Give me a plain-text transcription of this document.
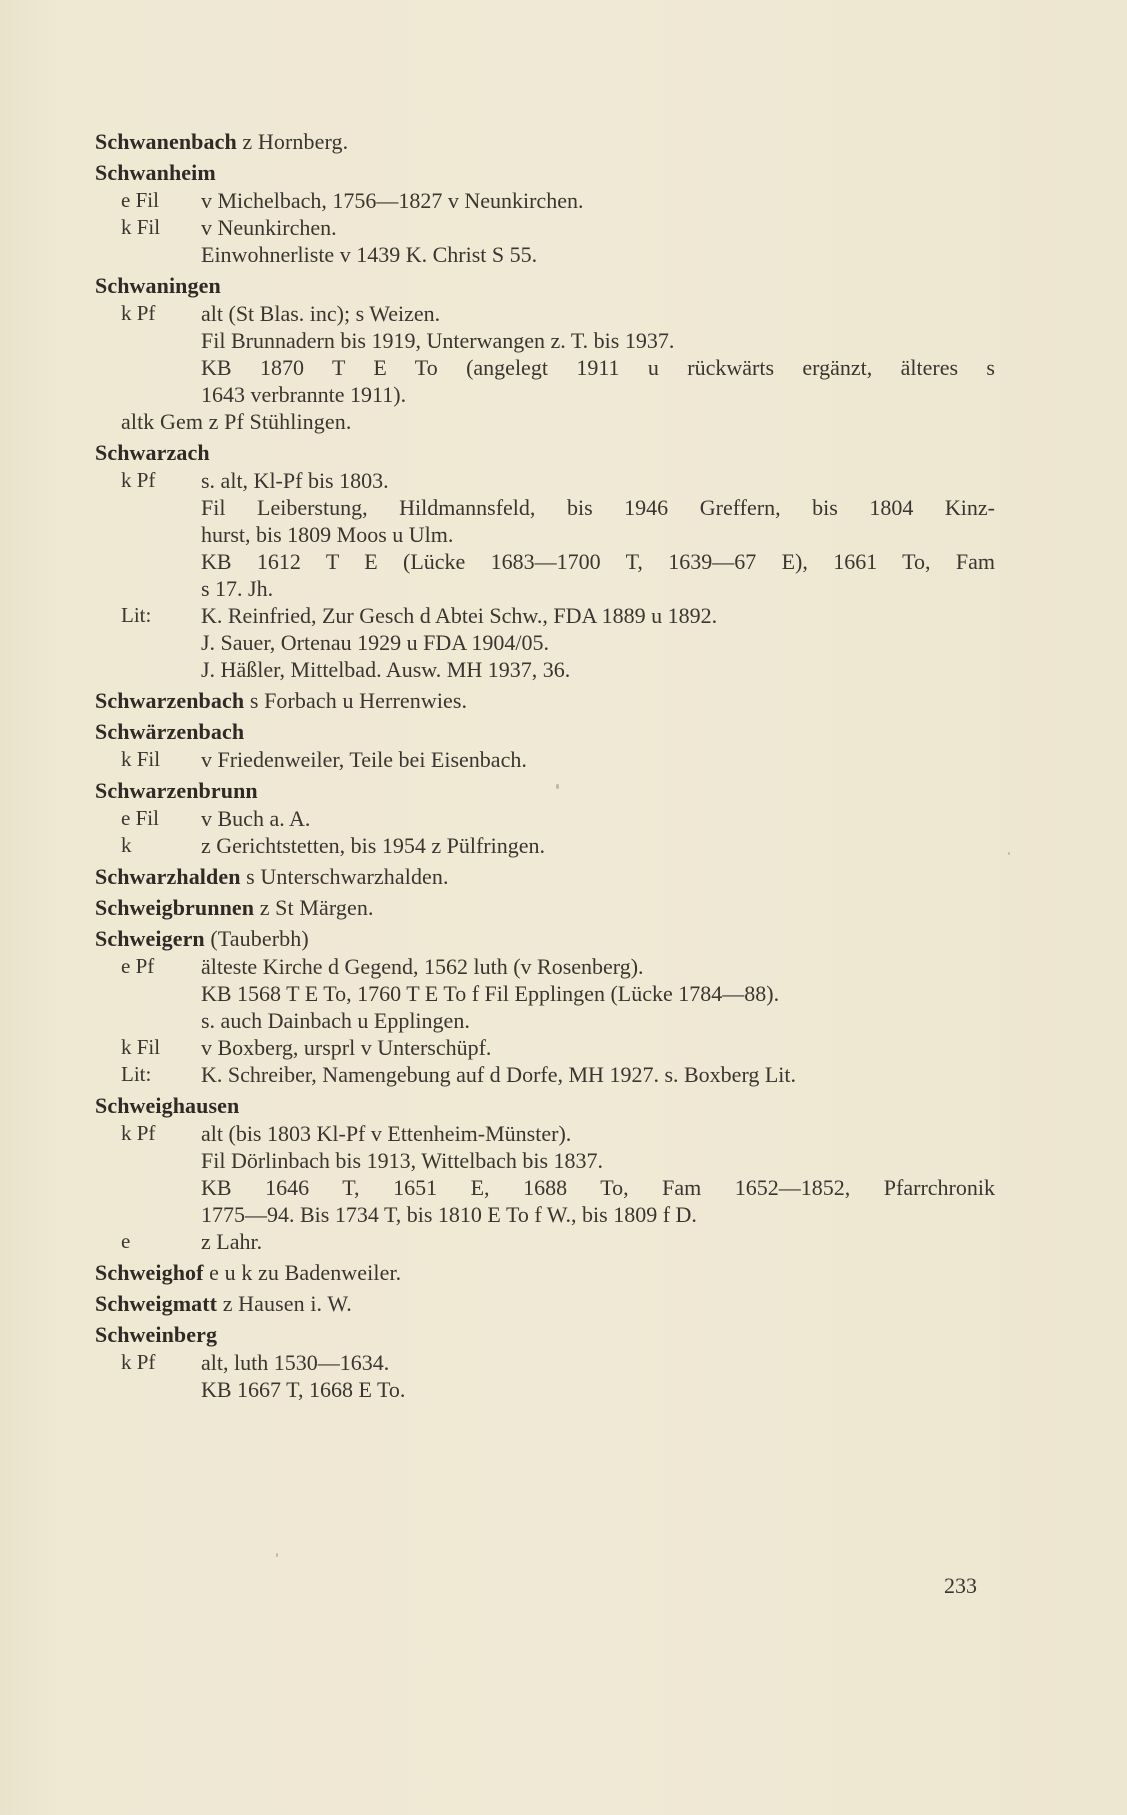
Schwanenbach z Hornberg.
Schwanheim
e Fil	v Michelbach, 1756—1827 v Neunkirchen.
k Fil	v Neunkirchen.
Einwohnerliste v 1439 K. Christ S 55.
Schwaningen
k Pf	alt (St Blas. inc); s Weizen.
Fil Brunnadern bis 1919, Unterwangen z. T. bis 1937.
KB 1870 T E To (angelegt 1911 u rückwärts ergänzt, älteres s
1643 verbrannte 1911).
altk Gem z Pf Stühlingen.
Schwarzach
k Pf	s. alt, Kl-Pf bis 1803.
Fil Leiberstung, Hildmannsfeld, bis 1946 Greffern, bis 1804 Kinz-
hurst, bis 1809 Moos u Ulm.
KB 1612 T E (Lücke 1683—1700 T, 1639—67 E), 1661 To, Fam
s 17. Jh.
Lit:	K. Reinfried, Zur Gesch d Abtei Schw., FDA 1889 u 1892.
J. Sauer, Ortenau 1929 u FDA 1904/05.
J. Häßler, Mittelbad. Ausw. MH 1937, 36.
Schwarzenbach s Forbach u Herrenwies.
Schwärzenbach
k Fil	v Friedenweiler, Teile bei Eisenbach.
Schwarzenbrunn
e Fil	v Buch a. A.
k	z Gerichtstetten, bis 1954 z Pülfringen.
Schwarzhalden s Unterschwarzhalden.
Schweigbrunnen z St Märgen.
Schweigern (Tauberbh)
e Pf	älteste Kirche d Gegend, 1562 luth (v Rosenberg).
KB 1568 T E To, 1760 T E To f Fil Epplingen (Lücke 1784—88).
s. auch Dainbach u Epplingen.
k Fil	v Boxberg, ursprl v Unterschüpf.
Lit:	K. Schreiber, Namengebung auf d Dorfe, MH 1927. s. Boxberg Lit.
Schweighausen
k Pf	alt (bis 1803 Kl-Pf v Ettenheim-Münster).
Fil Dörlinbach bis 1913, Wittelbach bis 1837.
KB 1646 T, 1651 E, 1688 To, Fam 1652—1852, Pfarrchronik
1775—94. Bis 1734 T, bis 1810 E To f W., bis 1809 f D.
e	z Lahr.
Schweighof e u k zu Badenweiler.
Schweigmatt z Hausen i. W.
Schweinberg
k Pf	alt, luth 1530—1634.
KB 1667 T, 1668 E To.
233
